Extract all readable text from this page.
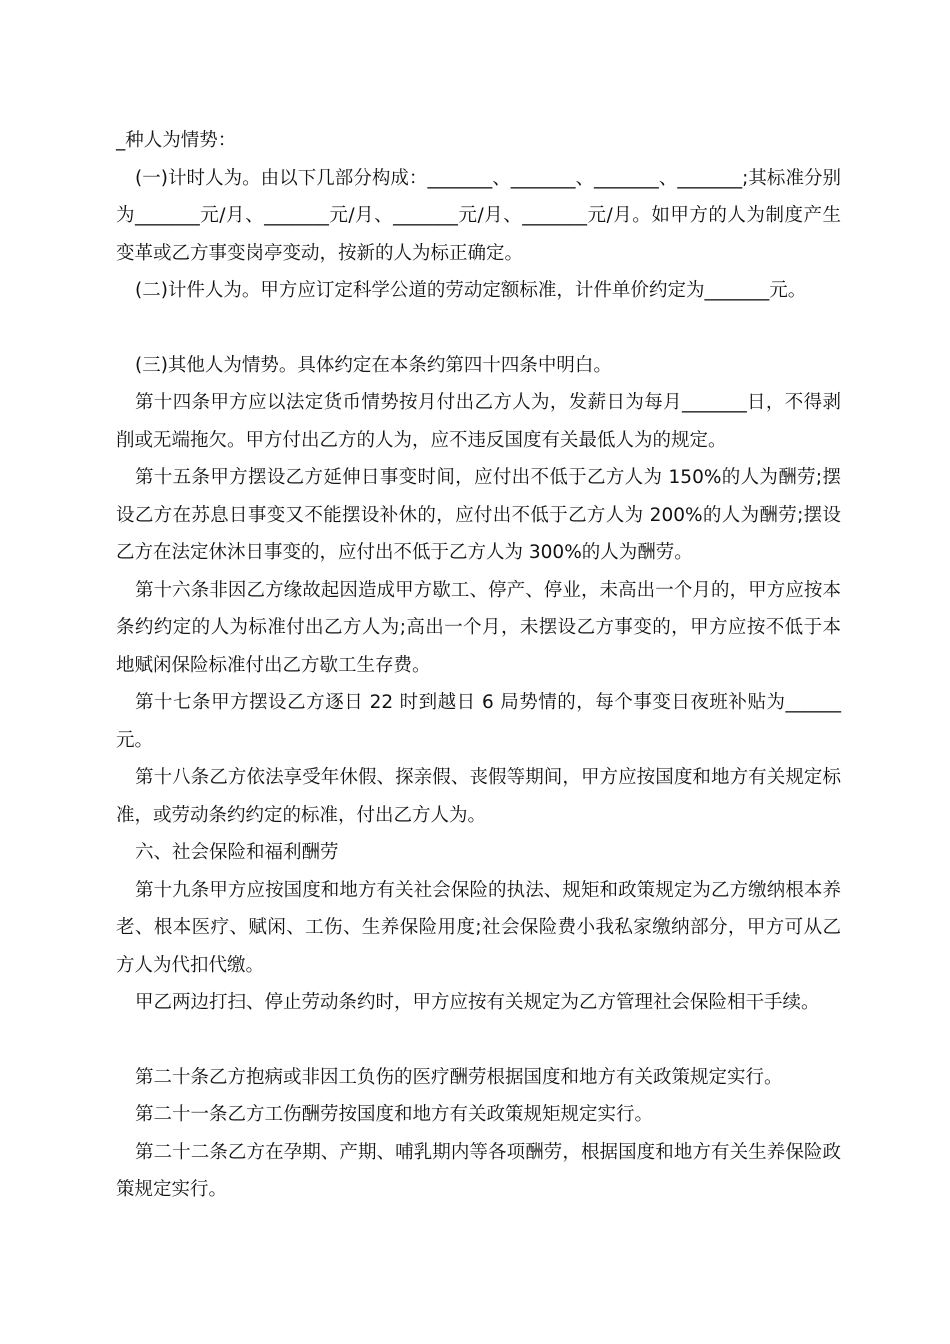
_种人为情势：

(一)计时人为。由以下几部分构成：_______、_______、_______、_______;其标准分别为_______元/月、_______元/月、_______元/月、_______元/月。如甲方的人为制度产生变革或乙方事变岗亭变动，按新的人为标正确定。

(二)计件人为。甲方应订定科学公道的劳动定额标准，计件单价约定为_______元。

(三)其他人为情势。具体约定在本条约第四十四条中明白。

第十四条甲方应以法定货币情势按月付出乙方人为，发薪日为每月_______日，不得剥削或无端拖欠。甲方付出乙方的人为，应不违反国度有关最低人为的规定。

第十五条甲方摆设乙方延伸日事变时间，应付出不低于乙方人为 150%的人为酬劳;摆设乙方在苏息日事变又不能摆设补休的，应付出不低于乙方人为 200%的人为酬劳;摆设乙方在法定休沐日事变的，应付出不低于乙方人为 300%的人为酬劳。

第十六条非因乙方缘故起因造成甲方歇工、停产、停业，未高出一个月的，甲方应按本条约约定的人为标准付出乙方人为;高出一个月，未摆设乙方事变的，甲方应按不低于本地赋闲保险标准付出乙方歇工生存费。

第十七条甲方摆设乙方逐日 22 时到越日 6 局势情的，每个事变日夜班补贴为______元。

第十八条乙方依法享受年休假、探亲假、丧假等期间，甲方应按国度和地方有关规定标准，或劳动条约约定的标准，付出乙方人为。

六、社会保险和福利酬劳

第十九条甲方应按国度和地方有关社会保险的执法、规矩和政策规定为乙方缴纳根本养老、根本医疗、赋闲、工伤、生养保险用度;社会保险费小我私家缴纳部分，甲方可从乙方人为代扣代缴。

甲乙两边打扫、停止劳动条约时，甲方应按有关规定为乙方管理社会保险相干手续。

第二十条乙方抱病或非因工负伤的医疗酬劳根据国度和地方有关政策规定实行。

第二十一条乙方工伤酬劳按国度和地方有关政策规矩规定实行。

第二十二条乙方在孕期、产期、哺乳期内等各项酬劳，根据国度和地方有关生养保险政策规定实行。
